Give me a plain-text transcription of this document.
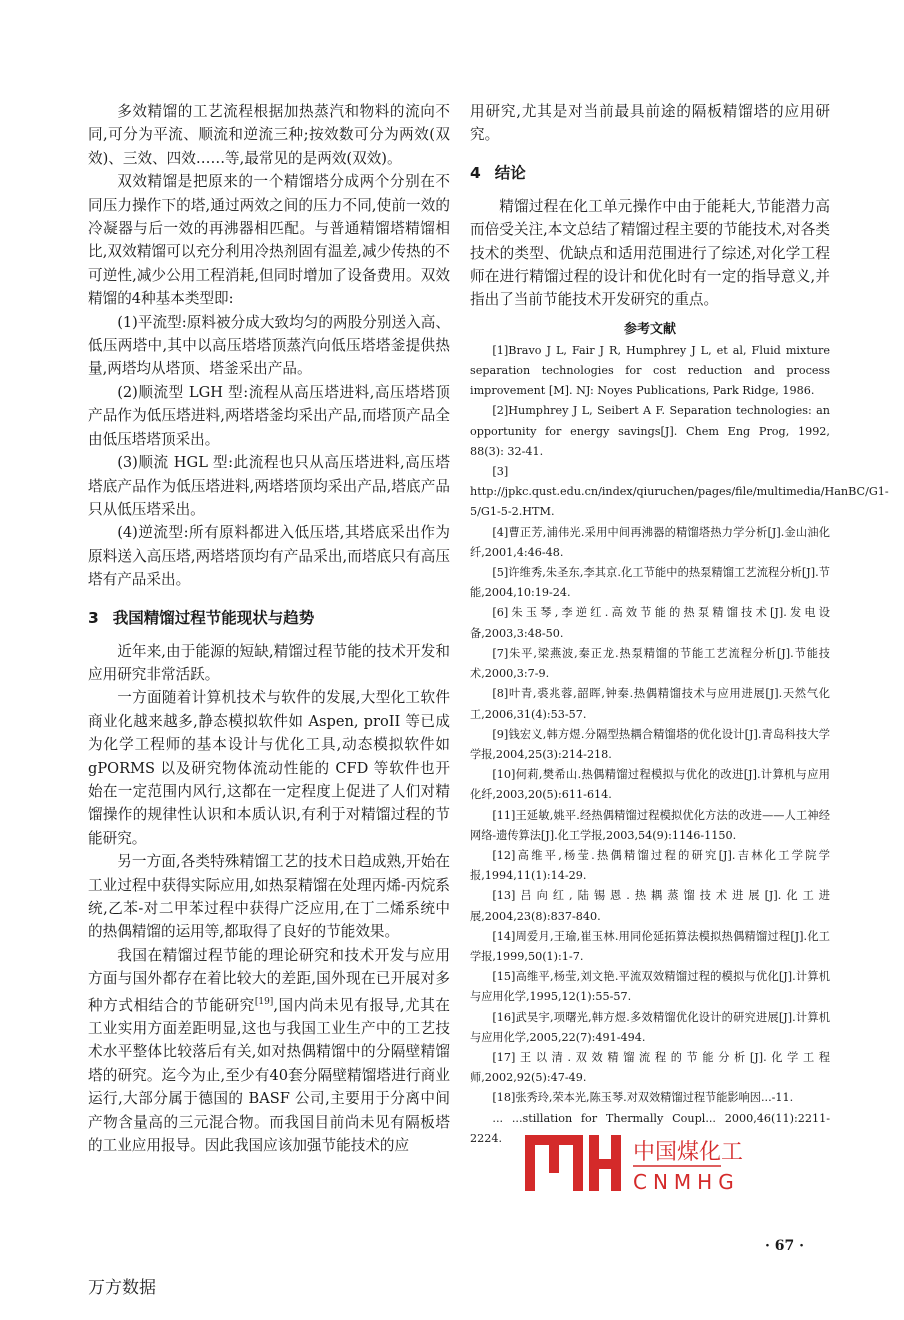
多效精馏的工艺流程根据加热蒸汽和物料的流向不同,可分为平流、顺流和逆流三种;按效数可分为两效(双效)、三效、四效……等,最常见的是两效(双效)。

双效精馏是把原来的一个精馏塔分成两个分别在不同压力操作下的塔,通过两效之间的压力不同,使前一效的冷凝器与后一效的再沸器相匹配。与普通精馏塔精馏相比,双效精馏可以充分利用冷热剂固有温差,减少传热的不可逆性,减少公用工程消耗,但同时增加了设备费用。双效精馏的4种基本类型即:

(1)平流型:原料被分成大致均匀的两股分别送入高、低压两塔中,其中以高压塔塔顶蒸汽向低压塔塔釜提供热量,两塔均从塔顶、塔釜采出产品。

(2)顺流型 LGH 型:流程从高压塔进料,高压塔塔顶产品作为低压塔进料,两塔塔釜均采出产品,而塔顶产品全由低压塔塔顶采出。

(3)顺流 HGL 型:此流程也只从高压塔进料,高压塔塔底产品作为低压塔进料,两塔塔顶均采出产品,塔底产品只从低压塔采出。

(4)逆流型:所有原料都进入低压塔,其塔底采出作为原料送入高压塔,两塔塔顶均有产品采出,而塔底只有高压塔有产品采出。

3 我国精馏过程节能现状与趋势

近年来,由于能源的短缺,精馏过程节能的技术开发和应用研究非常活跃。

一方面随着计算机技术与软件的发展,大型化工软件商业化越来越多,静态模拟软件如 Aspen, proII 等已成为化学工程师的基本设计与优化工具,动态模拟软件如 gPORMS 以及研究物体流动性能的 CFD 等软件也开始在一定范围内风行,这都在一定程度上促进了人们对精馏操作的规律性认识和本质认识,有利于对精馏过程的节能研究。

另一方面,各类特殊精馏工艺的技术日趋成熟,开始在工业过程中获得实际应用,如热泵精馏在处理丙烯-丙烷系统,乙苯-对二甲苯过程中获得广泛应用,在丁二烯系统中的热偶精馏的运用等,都取得了良好的节能效果。

我国在精馏过程节能的理论研究和技术开发与应用方面与国外都存在着比较大的差距,国外现在已开展对多种方式相结合的节能研究[19],国内尚未见有报导,尤其在工业实用方面差距明显,这也与我国工业生产中的工艺技术水平整体比较落后有关,如对热偶精馏中的分隔壁精馏塔的研究。迄今为止,至少有40套分隔壁精馏塔进行商业运行,大部分属于德国的 BASF 公司,主要用于分离中间产物含量高的三元混合物。而我国目前尚未见有隔板塔的工业应用报导。因此我国应该加强节能技术的应

用研究,尤其是对当前最具前途的隔板精馏塔的应用研究。

4 结论

精馏过程在化工单元操作中由于能耗大,节能潜力高而倍受关注,本文总结了精馏过程主要的节能技术,对各类技术的类型、优缺点和适用范围进行了综述,对化学工程师在进行精馏过程的设计和优化时有一定的指导意义,并指出了当前节能技术开发研究的重点。

参考文献

[1]Bravo J L, Fair J R, Humphrey J L, et al, Fluid mixture separation technologies for cost reduction and process improvement [M]. NJ: Noyes Publications, Park Ridge, 1986.

[2]Humphrey J L, Seibert A F. Separation technologies: an opportunity for energy savings[J]. Chem Eng Prog, 1992, 88(3): 32-41.

[3] http://jpkc.qust.edu.cn/index/qiuruchen/pages/file/multimedia/HanBC/G1-5/G1-5-2.HTM.

[4]曹正芳,浦伟光.采用中间再沸器的精馏塔热力学分析[J].金山油化纤,2001,4:46-48.

[5]许维秀,朱圣东,李其京.化工节能中的热泵精馏工艺流程分析[J].节能,2004,10:19-24.

[6]朱玉琴,李逆红.高效节能的热泵精馏技术[J].发电设备,2003,3:48-50.

[7]朱平,梁燕波,秦正龙.热泵精馏的节能工艺流程分析[J].节能技术,2000,3:7-9.

[8]叶青,裘兆蓉,韶晖,钟秦.热偶精馏技术与应用进展[J].天然气化工,2006,31(4):53-57.

[9]钱宏义,韩方煜.分隔型热耦合精馏塔的优化设计[J].青岛科技大学学报,2004,25(3):214-218.

[10]何莉,樊希山.热偶精馏过程模拟与优化的改进[J].计算机与应用化纤,2003,20(5):611-614.

[11]王延敏,姚平.经热偶精馏过程模拟优化方法的改进——人工神经网络-遗传算法[J].化工学报,2003,54(9):1146-1150.

[12]高维平,杨莹.热偶精馏过程的研究[J].吉林化工学院学报,1994,11(1):14-29.

[13]吕向红,陆锡恩.热耦蒸馏技术进展[J].化工进展,2004,23(8):837-840.

[14]周爱月,王瑜,崔玉林.用同伦延拓算法模拟热偶精馏过程[J].化工学报,1999,50(1):1-7.

[15]高维平,杨莹,刘文艳.平流双效精馏过程的模拟与优化[J].计算机与应用化学,1995,12(1):55-57.

[16]武昊宇,项曙光,韩方煜.多效精馏优化设计的研究进展[J].计算机与应用化学,2005,22(7):491-494.

[17]王以清.双效精馏流程的节能分析[J].化学工程师,2002,92(5):47-49.

[18]张秀玲,荣本光,陈玉琴.对双效精馏过程节能影响因...-11.

... ...stillation for Thermally Coupl... 2000,46(11):2211-2224.

中国煤化工
CNMHG
· 67 ·
万方数据
